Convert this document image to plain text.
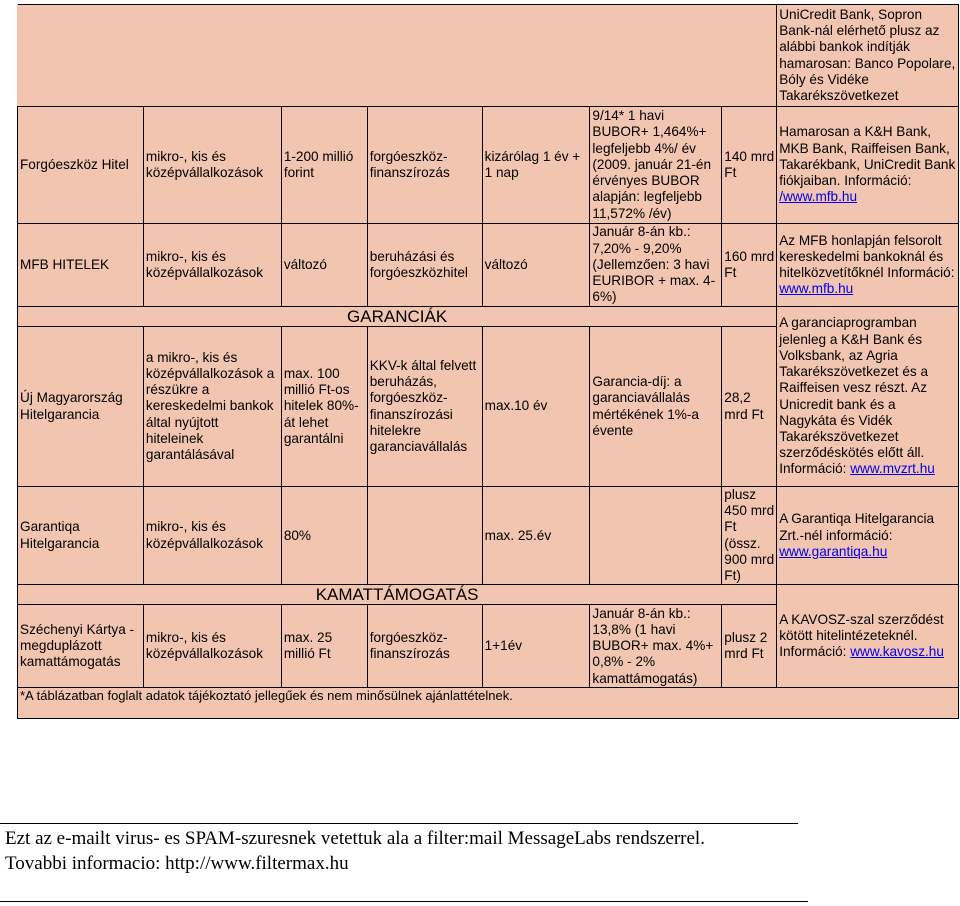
							UniCredit Bank, Sopron Bank-nál elérhető plusz az alábbi bankok indítják hamarosan: Banco Popolare, Bóly és Vidéke Takarékszövetkezet
Forgóeszköz Hitel	mikro-, kis és középvállalkozások	1-200 millió forint	forgóeszköz-finanszírozás	kizárólag 1 év + 1 nap	9/14* 1 havi BUBOR+ 1,464%+ legfeljebb 4%/ év (2009. január 21-én érvényes BUBOR alapján: legfeljebb 11,572% /év)	140 mrd Ft	Hamarosan a K&H Bank, MKB Bank, Raiffeisen Bank, Takarékbank, UniCredit Bank fiókjaiban. Információ: /www.mfb.hu
MFB HITELEK	mikro-, kis és középvállalkozások	változó	beruházási és forgóeszközhitel	változó	Január 8-án kb.: 7,20% - 9,20% (Jellemzően: 3 havi EURIBOR + max. 4-6%)	160 mrd Ft	Az MFB honlapján felsorolt kereskedelmi bankoknál és hitelközvetítőknél Információ: www.mfb.hu
GARANCIÁK							A garanciaprogramban jelenleg a K&H Bank és Volksbank, az Agria Takarékszövetkezet és a Raiffeisen vesz részt. Az Unicredit bank és a Nagykáta és Vidék Takarékszövetkezet szerződéskötés előtt áll. Információ: www.mvzrt.hu
Új Magyarország Hitelgarancia	a mikro-, kis és középvállalkozások a részükre a kereskedelmi bankok által nyújtott hiteleinek garantálásával	max. 100 millió Ft-os hitelek 80%-át lehet garantálni	KKV-k által felvett beruházás, forgóeszköz-finanszírozási hitelekre garanciavállalás	max.10 év	Garancia-díj: a garanciavállalás mértékének 1%-a évente	28,2 mrd Ft	
Garantiqa Hitelgarancia	mikro-, kis és középvállalkozások	80%		max. 25.év		plusz 450 mrd Ft (össz. 900 mrd Ft)	A Garantiqa Hitelgarancia Zrt.-nél információ: www.garantiqa.hu
KAMATTÁMOGATÁS							A KAVOSZ-szal szerződést kötött hitelintézeteknél. Információ: www.kavosz.hu
Széchenyi Kártya - megduplázott kamattámogatás	mikro-, kis és középvállalkozások	max. 25 millió Ft	forgóeszköz-finanszírozás	1+1év	Január 8-án kb.: 13,8% (1 havi BUBOR+ max. 4%+ 0,8% - 2% kamattámogatás)	plusz 2 mrd Ft	
*A táblázatban foglalt adatok tájékoztató jellegűek és nem minősülnek ajánlattételnek.							
Ezt az e-mailt virus- es SPAM-szuresnek vetettuk ala a filter:mail MessageLabs rendszerrel.
Tovabbi informacio: http://www.filtermax.hu
